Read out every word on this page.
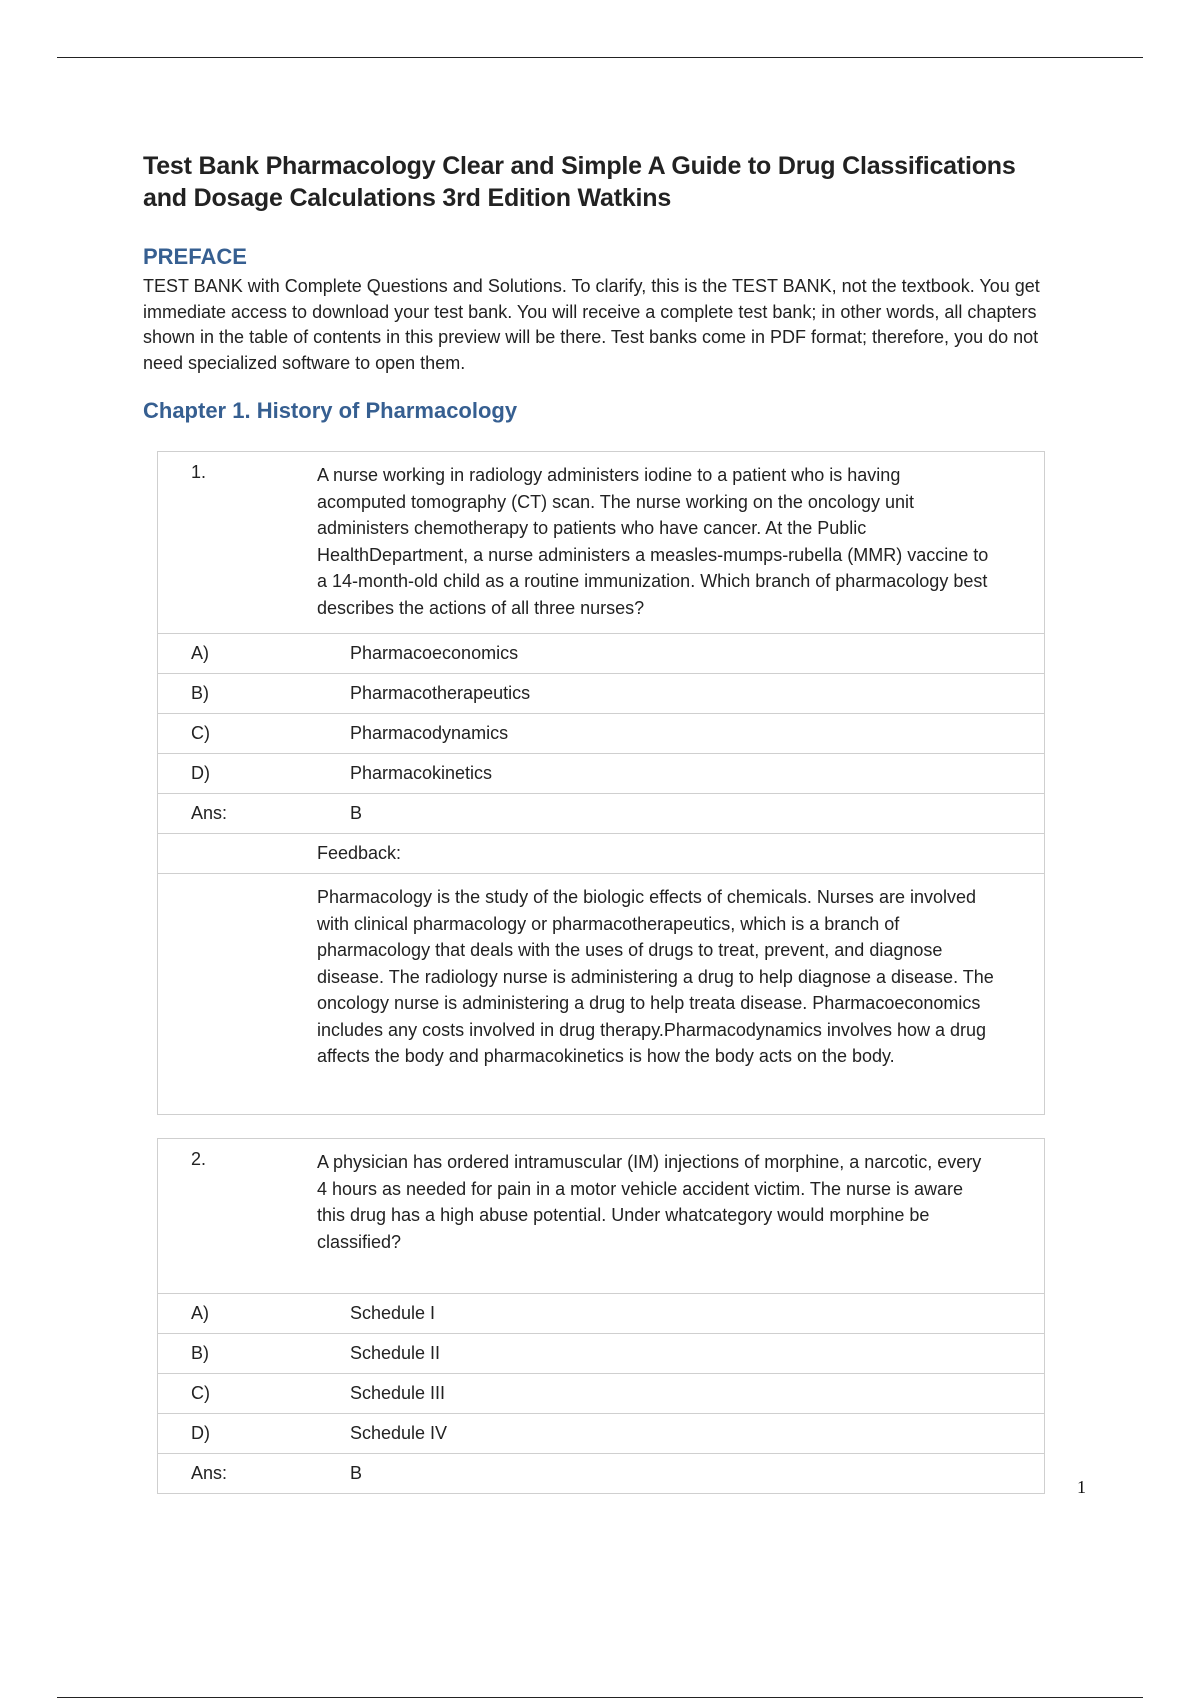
Test Bank Pharmacology Clear and Simple A Guide to Drug Classifications and Dosage Calculations 3rd Edition Watkins
PREFACE

TEST BANK with Complete Questions and Solutions. To clarify, this is the TEST BANK, not the textbook. You get immediate access to download your test bank. You will receive a complete test bank; in other words, all chapters shown in the table of contents in this preview will be there. Test banks come in PDF format; therefore, you do not need specialized software to open them.

Chapter 1. History of Pharmacology
1.	A nurse working in radiology administers iodine to a patient who is having acomputed tomography (CT) scan. The nurse working on the oncology unit administers chemotherapy to patients who have cancer. At the Public HealthDepartment, a nurse administers a measles-mumps-rubella (MMR) vaccine to a 14-month-old child as a routine immunization. Which branch of pharmacology best describes the actions of all three nurses?
A)	Pharmacoeconomics
B)	Pharmacotherapeutics
C)	Pharmacodynamics
D)	Pharmacokinetics
Ans:	B
	Feedback:
	Pharmacology is the study of the biologic effects of chemicals. Nurses are involved with clinical pharmacology or pharmacotherapeutics, which is a branch of pharmacology that deals with the uses of drugs to treat, prevent, and diagnose disease. The radiology nurse is administering a drug to help diagnose a disease. The oncology nurse is administering a drug to help treata disease. Pharmacoeconomics includes any costs involved in drug therapy.Pharmacodynamics involves how a drug affects the body and pharmacokinetics is how the body acts on the body.
2.	A physician has ordered intramuscular (IM) injections of morphine, a narcotic, every 4 hours as needed for pain in a motor vehicle accident victim. The nurse is aware this drug has a high abuse potential. Under whatcategory would morphine be classified?
A)	Schedule I
B)	Schedule II
C)	Schedule III
D)	Schedule IV
Ans:	B
1
